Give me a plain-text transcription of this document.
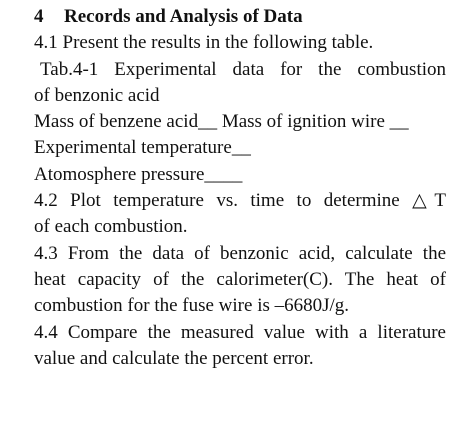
4 Records and Analysis of Data
4.1 Present the results in the following table.
Tab.4-1 Experimental data for the combustion
of benzonic acid
Mass of benzene acid__ Mass of ignition wire __
Experimental temperature__
Atomosphere pressure____
4.2 Plot temperature vs. time to determine △T
of each combustion.
4.3 From the data of benzonic acid, calculate the
heat capacity of the calorimeter(C). The heat of
combustion for the fuse wire is –6680J/g.
4.4 Compare the measured value with a literature
value and calculate the percent error.
